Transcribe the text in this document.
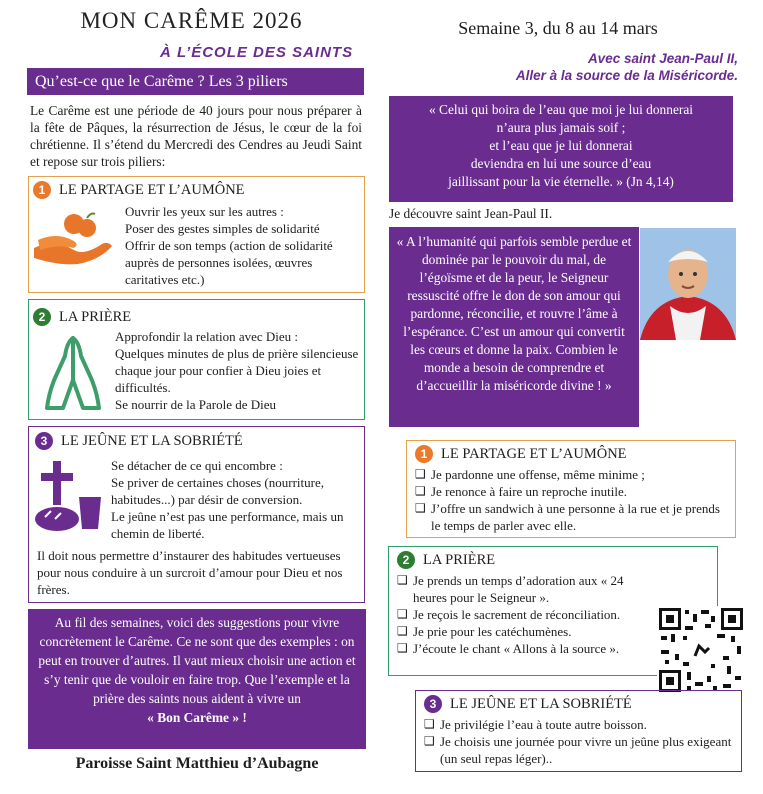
MON CARÊME 2026
À L’ÉCOLE DES SAINTS
Qu’est-ce que le Carême ? Les 3 piliers
Le Carême est une période de 40 jours pour nous préparer à la fête de Pâques, la résurrection de Jésus, le cœur de la foi chrétienne. Il s’étend du Mercredi des Cendres au Jeudi Saint et repose sur trois piliers:
1 LE PARTAGE ET L’AUMÔNE
Ouvrir les yeux sur les autres :
Poser des gestes simples de solidarité
Offrir de son temps (action de solidarité auprès de personnes isolées, œuvres caritatives etc.)
2 LA PRIÈRE
Approfondir la relation avec Dieu :
Quelques minutes de plus de prière silencieuse chaque jour pour confier à Dieu joies et difficultés.
Se nourrir de la Parole de Dieu
3 LE JEÛNE ET LA SOBRIÉTÉ
Se détacher de ce qui encombre :
Se priver de certaines choses (nourriture, habitudes...) par désir de conversion.
Le jeûne n’est pas une performance, mais un chemin de liberté.
Il doit nous permettre d’instaurer des habitudes vertueuses pour nous conduire à un surcroit d’amour pour Dieu et nos frères.
Au fil des semaines, voici des suggestions pour vivre concrètement le Carême. Ce ne sont que des exemples : on peut en trouver d’autres. Il vaut mieux choisir une action et s’y tenir que de vouloir en faire trop. Que l’exemple et la prière des saints nous aident à vivre un
« Bon Carême » !
Paroisse Saint Matthieu d’Aubagne
Semaine 3, du 8 au 14 mars
Avec saint Jean-Paul II,
Aller à la source de la Miséricorde.
« Celui qui boira de l’eau que moi je lui donnerai
n’aura plus jamais soif ;
et l’eau que je lui donnerai
deviendra en lui une source d’eau
jaillissant pour la vie éternelle. » (Jn 4,14)
Je découvre saint Jean-Paul II.
« A l’humanité qui parfois semble perdue et dominée par le pouvoir du mal, de l’égoïsme et de la peur, le Seigneur ressuscité offre le don de son amour qui pardonne, réconcilie, et rouvre l’âme à l’espérance. C’est un amour qui convertit les cœurs et donne la paix. Combien le monde a besoin de comprendre et d’accueillir la miséricorde divine ! »
1 LE PARTAGE ET L’AUMÔNE
❑ Je pardonne une offense, même minime ;
❑ Je renonce à faire un reproche inutile.
❑ J’offre un sandwich à une personne à la rue et je prends le temps de parler avec elle.
2 LA PRIÈRE
❑ Je prends un temps d’adoration aux « 24 heures pour le Seigneur ».
❑ Je reçois le sacrement de réconciliation.
❑ Je prie pour les catéchumènes.
❑ J’écoute le chant « Allons à la source ».
3 LE JEÛNE ET LA SOBRIÉTÉ
❑ Je privilégie l’eau à toute autre boisson.
❑ Je choisis une journée pour vivre un jeûne plus exigeant (un seul repas léger)..
